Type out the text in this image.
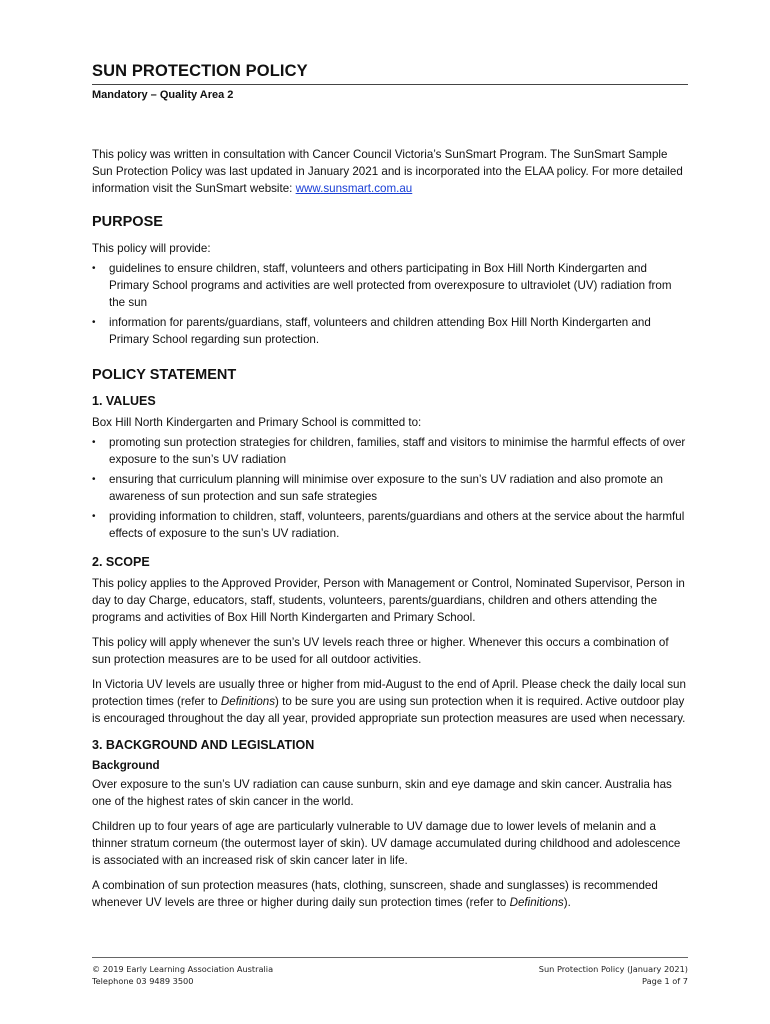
SUN PROTECTION POLICY
Mandatory – Quality Area 2

This policy was written in consultation with Cancer Council Victoria’s SunSmart Program. The SunSmart Sample Sun Protection Policy was last updated in January 2021 and is incorporated into the ELAA policy. For more detailed information visit the SunSmart website: www.sunsmart.com.au

PURPOSE

This policy will provide:

• guidelines to ensure children, staff, volunteers and others participating in Box Hill North Kindergarten and Primary School programs and activities are well protected from overexposure to ultraviolet (UV) radiation from the sun
• information for parents/guardians, staff, volunteers and children attending Box Hill North Kindergarten and Primary School regarding sun protection.
POLICY STATEMENT
1. VALUES

Box Hill North Kindergarten and Primary School is committed to:

• promoting sun protection strategies for children, families, staff and visitors to minimise the harmful effects of over exposure to the sun’s UV radiation
• ensuring that curriculum planning will minimise over exposure to the sun’s UV radiation and also promote an awareness of sun protection and sun safe strategies
• providing information to children, staff, volunteers, parents/guardians and others at the service about the harmful effects of exposure to the sun’s UV radiation.
2. SCOPE

This policy applies to the Approved Provider, Person with Management or Control, Nominated Supervisor, Person in day to day Charge, educators, staff, students, volunteers, parents/guardians, children and others attending the programs and activities of Box Hill North Kindergarten and Primary School.

This policy will apply whenever the sun’s UV levels reach three or higher. Whenever this occurs a combination of sun protection measures are to be used for all outdoor activities.

In Victoria UV levels are usually three or higher from mid-August to the end of April. Please check the daily local sun protection times (refer to Definitions) to be sure you are using sun protection when it is required. Active outdoor play is encouraged throughout the day all year, provided appropriate sun protection measures are used when necessary.

3. BACKGROUND AND LEGISLATION
Background

Over exposure to the sun’s UV radiation can cause sunburn, skin and eye damage and skin cancer. Australia has one of the highest rates of skin cancer in the world.

Children up to four years of age are particularly vulnerable to UV damage due to lower levels of melanin and a thinner stratum corneum (the outermost layer of skin). UV damage accumulated during childhood and adolescence is associated with an increased risk of skin cancer later in life.

A combination of sun protection measures (hats, clothing, sunscreen, shade and sunglasses) is recommended whenever UV levels are three or higher during daily sun protection times (refer to Definitions).

© 2019 Early Learning Association Australia
Telephone 03 9489 3500
Sun Protection Policy (January 2021)
Page 1 of 7
